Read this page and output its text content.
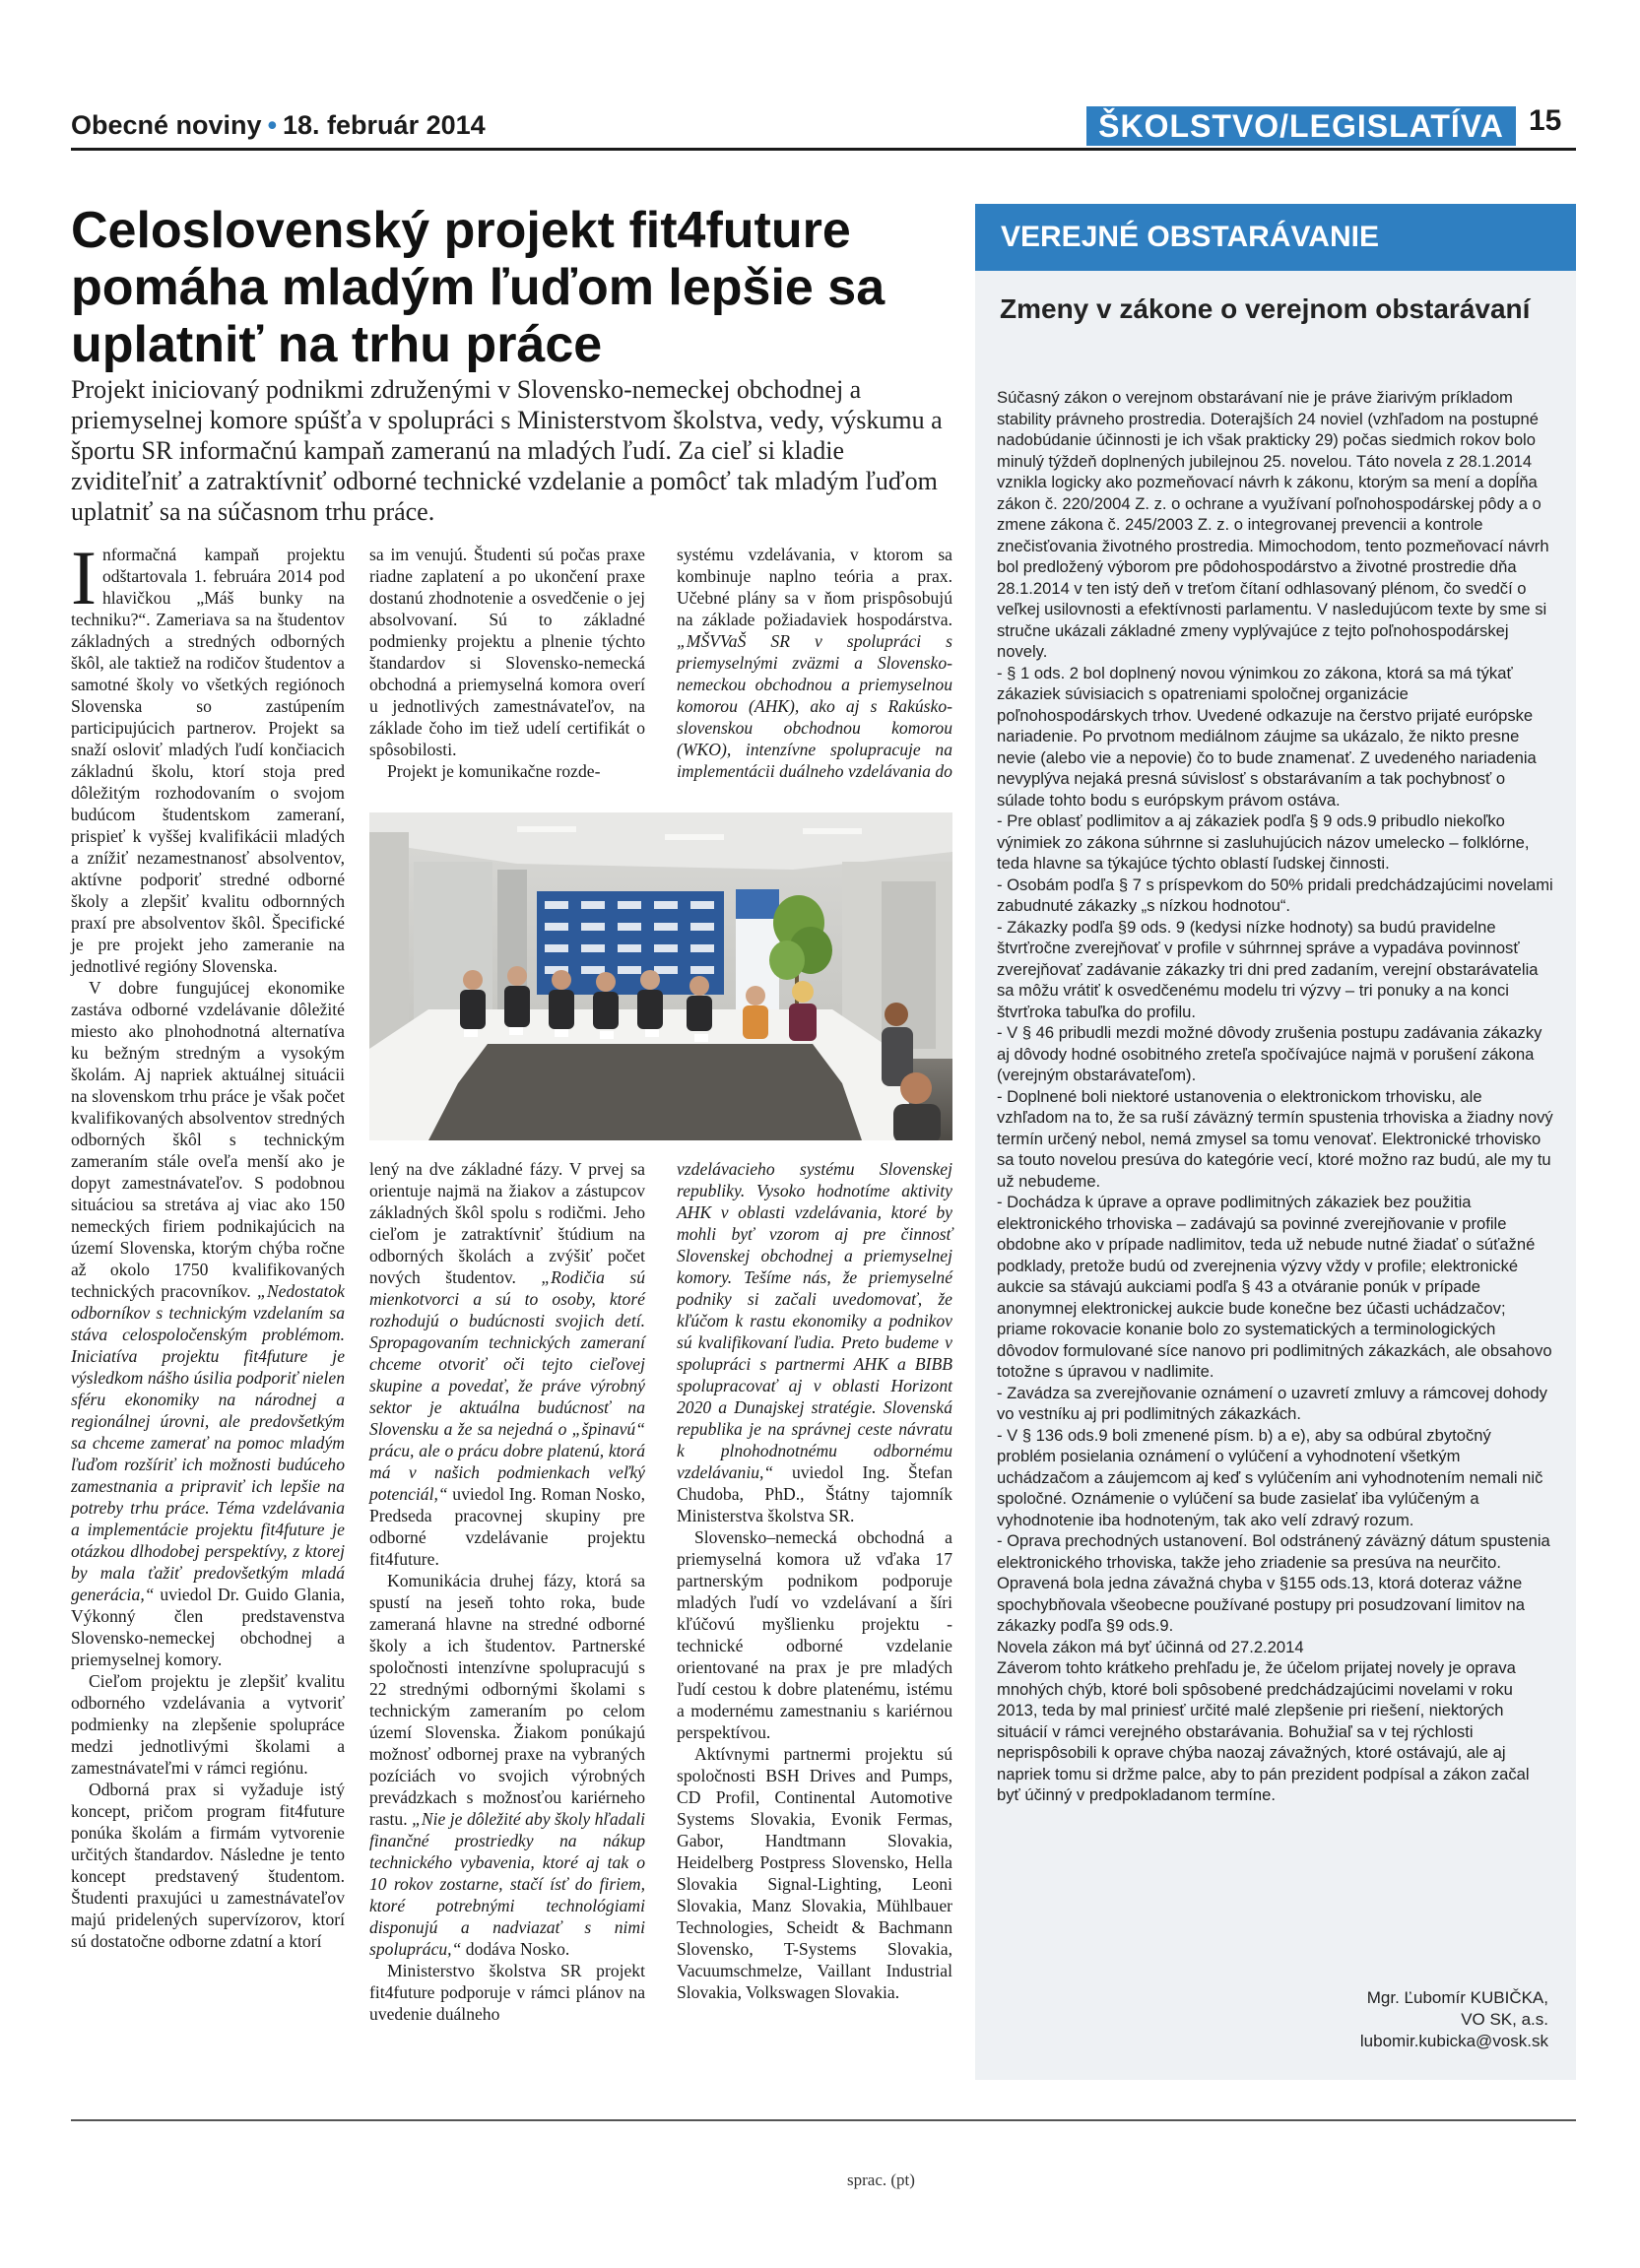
Obecné noviny • 18. február 2014	ŠKOLSTVO/LEGISLATÍVA 15
Celoslovenský projekt fit4future pomáha mladým ľuďom lepšie sa uplatniť na trhu práce
Projekt iniciovaný podnikmi združenými v Slovensko-nemeckej obchodnej a priemyselnej komore spúšťa v spolupráci s Ministerstvom školstva, vedy, výskumu a športu SR informačnú kampaň zameranú na mladých ľudí. Za cieľ si kladie zviditeľniť a zatraktívniť odborné technické vzdelanie a pomôcť tak mladým ľuďom uplatniť sa na súčasnom trhu práce.

Informačná kampaň projektu odštartovala 1. februára 2014 pod hlavičkou „Máš bunky na techniku?“. Zameriava sa na študentov základných a stredných odborných škôl, ale taktiež na rodičov študentov a samotné školy vo všetkých regiónoch Slovenska so zastúpením participujúcich partnerov. Projekt sa snaží osloviť mladých ľudí končiacich základnú školu, ktorí stoja pred dôležitým rozhodovaním o svojom budúcom študentskom zameraní, prispieť k vyššej kvalifikácii mladých a znížiť nezamestnanosť absolventov, aktívne podporiť stredné odborné školy a zlepšiť kvalitu odbornných praxí pre absolventov škôl. Špecifické je pre projekt jeho zameranie na jednotlivé regióny Slovenska.

V dobre fungujúcej ekonomike zastáva odborné vzdelávanie dôležité miesto ako plnohodnotná alternatíva ku bežným stredným a vysokým školám. Aj napriek aktuálnej situácii na slovenskom trhu práce je však počet kvalifikovaných absolventov stredných odborných škôl s technickým zameraním stále oveľa menší ako je dopyt zamestnávateľov. S podobnou situáciou sa stretáva aj viac ako 150 nemeckých firiem podnikajúcich na území Slovenska, ktorým chýba ročne až okolo 1750 kvalifikovaných technických pracovníkov. „Nedostatok odborníkov s technickým vzdelaním sa stáva celospoločenským problémom. Iniciatíva projektu fit4future je výsledkom nášho úsilia podporiť nielen sféru ekonomiky na národnej a regionálnej úrovni, ale predovšetkým sa chceme zamerať na pomoc mladým ľuďom rozšíriť ich možnosti budúceho zamestnania a pripraviť ich lepšie na potreby trhu práce. Téma vzdelávania a implementácie projektu fit4future je otázkou dlhodobej perspektívy, z ktorej by mala ťažiť predovšetkým mladá generácia,“ uviedol Dr. Guido Glania, Výkonný člen predstavenstva Slovensko-nemeckej obchodnej a priemyselnej komory.

Cieľom projektu je zlepšiť kvalitu odborného vzdelávania a vytvoriť podmienky na zlepšenie spolupráce medzi jednotlivými školami a zamestnávateľmi v rámci regiónu.

Odborná prax si vyžaduje istý koncept, pričom program fit4future ponúka školám a firmám vytvorenie určitých štandardov. Následne je tento koncept predstavený študentom. Študenti praxujúci u zamestnávateľov majú pridelených supervízorov, ktorí sú dostatočne odborne zdatní a ktorí

sa im venujú. Študenti sú počas praxe riadne zaplatení a po ukončení praxe dostanú zhodnotenie a osvedčenie o jej absolvovaní. Sú to základné podmienky projektu a plnenie týchto štandardov si Slovensko-nemecká obchodná a priemyselná komora overí u jednotlivých zamestnávateľov, na základe čoho im tiež udelí certifikát o spôsobilosti.

Projekt je komunikačne rozde-

systému vzdelávania, v ktorom sa kombinuje naplno teória a prax. Učebné plány sa v ňom prispôsobujú na základe požiadaviek hospodárstva. „MŠVVaŠ SR v spolupráci s priemyselnými zväzmi a Slovensko-nemeckou obchodnou a priemyselnou komorou (AHK), ako aj s Rakúsko-slovenskou obchodnou komorou (WKO), intenzívne spolupracuje na implementácii duálneho vzdelávania do

lený na dve základné fázy. V prvej sa orientuje najmä na žiakov a zástupcov základných škôl spolu s rodičmi. Jeho cieľom je zatraktívniť štúdium na odborných školách a zvýšiť počet nových študentov. „Rodičia sú mienkotvorci a sú to osoby, ktoré rozhodujú o budúcnosti svojich detí. Spropagovaním technických zameraní chceme otvoriť oči tejto cieľovej skupine a povedať, že práve výrobný sektor je aktuálna budúcnosť na Slovensku a že sa nejedná o „špinavú“ prácu, ale o prácu dobre platenú, ktorá má v našich podmienkach veľký potenciál,“ uviedol Ing. Roman Nosko, Predseda pracovnej skupiny pre odborné vzdelávanie projektu fit4future.

Komunikácia druhej fázy, ktorá sa spustí na jeseň tohto roka, bude zameraná hlavne na stredné odborné školy a ich študentov. Partnerské spoločnosti intenzívne spolupracujú s 22 strednými odbornými školami s technickým zameraním po celom území Slovenska. Žiakom ponúkajú možnosť odbornej praxe na vybraných pozíciách vo svojich výrobných prevádzkach s možnosťou kariérneho rastu. „Nie je dôležité aby školy hľadali finančné prostriedky na nákup technického vybavenia, ktoré aj tak o 10 rokov zostarne, stačí ísť do firiem, ktoré potrebnými technológiami disponujú a nadviazať s nimi spoluprácu,“ dodáva Nosko.

Ministerstvo školstva SR projekt fit4future podporuje v rámci plánov na uvedenie duálneho

vzdelávacieho systému Slovenskej republiky. Vysoko hodnotíme aktivity AHK v oblasti vzdelávania, ktoré by mohli byť vzorom aj pre činnosť Slovenskej obchodnej a priemyselnej komory. Tešíme nás, že priemyselné podniky si začali uvedomovať, že kľúčom k rastu ekonomiky a podnikov sú kvalifikovaní ľudia. Preto budeme v spolupráci s partnermi AHK a BIBB spolupracovať aj v oblasti Horizont 2020 a Dunajskej stratégie. Slovenská republika je na správnej ceste návratu k plnohodnotnému odbornému vzdelávaniu,“ uviedol Ing. Štefan Chudoba, PhD., Štátny tajomník Ministerstva školstva SR.

Slovensko–nemecká obchodná a priemyselná komora už vďaka 17 partnerským podnikom podporuje mladých ľudí vo vzdelávaní a šíri kľúčovú myšlienku projektu - technické odborné vzdelanie orientované na prax je pre mladých ľudí cestou k dobre platenému, istému a modernému zamestnaniu s kariérnou perspektívou.

Aktívnymi partnermi projektu sú spoločnosti BSH Drives and Pumps, CD Profil, Continental Automotive Systems Slovakia, Evonik Fermas, Gabor, Handtmann Slovakia, Heidelberg Postpress Slovensko, Hella Slovakia Signal-Lighting, Leoni Slovakia, Manz Slovakia, Mühlbauer Technologies, Scheidt & Bachmann Slovensko, T-Systems Slovakia, Vacuumschmelze, Vaillant Industrial Slovakia, Volkswagen Slovakia.

sprac. (pt)
VEREJNÉ OBSTARÁVANIE
Zmeny v zákone o verejnom obstarávaní

Súčasný zákon o verejnom obstarávaní nie je práve žiarivým príkladom stability právneho prostredia. Doterajších 24 noviel (vzhľadom na postupné nadobúdanie účinnosti je ich však prakticky 29) počas siedmich rokov bolo minulý týždeň doplnených jubilejnou 25. novelou. Táto novela z 28.1.2014 vznikla logicky ako pozmeňovací návrh k zákonu, ktorým sa mení a dopĺňa zákon č. 220/2004 Z. z. o ochrane a využívaní poľnohospodárskej pôdy a o zmene zákona č. 245/2003 Z. z. o integrovanej prevencii a kontrole znečisťovania životného prostredia. Mimochodom, tento pozmeňovací návrh bol predložený výborom pre pôdohospodárstvo a životné prostredie dňa 28.1.2014 v ten istý deň v treťom čítaní odhlasovaný plénom, čo svedčí o veľkej usilovnosti a efektívnosti parlamentu. V nasledujúcom texte by sme si stručne ukázali základné zmeny vyplývajúce z tejto poľnohospodárskej novely.

- § 1 ods. 2 bol doplnený novou výnimkou zo zákona, ktorá sa má týkať zákaziek súvisiacich s opatreniami spoločnej organizácie poľnohospodárskych trhov. Uvedené odkazuje na čerstvo prijaté európske nariadenie. Po prvotnom mediálnom záujme sa ukázalo, že nikto presne nevie (alebo vie a nepovie) čo to bude znamenať. Z uvedeného nariadenia nevyplýva nejaká presná súvislosť s obstarávaním a tak pochybnosť o súlade tohto bodu s európskym právom ostáva.

- Pre oblasť podlimitov a aj zákaziek podľa § 9 ods.9 pribudlo niekoľko výnimiek zo zákona súhrnne si zasluhujúcich názov umelecko – folklórne, teda hlavne sa týkajúce týchto oblastí ľudskej činnosti.

- Osobám podľa § 7 s príspevkom do 50% pridali predchádzajúcimi novelami zabudnuté zákazky „s nízkou hodnotou“.

- Zákazky podľa §9 ods. 9 (kedysi nízke hodnoty) sa budú pravidelne štvrťročne zverejňovať v profile v súhrnnej správe a vypadáva povinnosť zverejňovať zadávanie zákazky tri dni pred zadaním, verejní obstarávatelia sa môžu vrátiť k osvedčenému modelu tri výzvy – tri ponuky a na konci štvrťroka tabuľka do profilu.

- V § 46 pribudli mezdi možné dôvody zrušenia postupu zadávania zákazky aj dôvody hodné osobitného zreteľa spočívajúce najmä v porušení zákona (verejným obstarávateľom).

- Doplnené boli niektoré ustanovenia o elektronickom trhovisku, ale vzhľadom na to, že sa ruší záväzný termín spustenia trhoviska a žiadny nový termín určený nebol, nemá zmysel sa tomu venovať. Elektronické trhovisko sa touto novelou presúva do kategórie vecí, ktoré možno raz budú, ale my tu už nebudeme.

- Dochádza k úprave a oprave podlimitných zákaziek bez použitia elektronického trhoviska – zadávajú sa povinné zverejňovanie v profile obdobne ako v prípade nadlimitov, teda už nebude nutné žiadať o súťažné podklady, pretože budú od zverejnenia výzvy vždy v profile; elektronické aukcie sa stávajú aukciami podľa § 43 a otváranie ponúk v prípade anonymnej elektronickej aukcie bude konečne bez účasti uchádzačov; priame rokovacie konanie bolo zo systematických a terminologických dôvodov formulované síce nanovo pri podlimitných zákazkách, ale obsahovo totožne s úpravou v nadlimite.

- Zavádza sa zverejňovanie oznámení o uzavretí zmluvy a rámcovej dohody vo vestníku aj pri podlimitných zákazkách.

- V § 136 ods.9 boli zmenené písm. b) a e), aby sa odbúral zbytočný problém posielania oznámení o vylúčení a vyhodnotení všetkým uchádzačom a záujemcom aj keď s vylúčením ani vyhodnotením nemali nič spoločné. Oznámenie o vylúčení sa bude zasielať iba vylúčeným a vyhodnotenie iba hodnoteným, tak ako velí zdravý rozum.

- Oprava prechodných ustanovení. Bol odstránený záväzný dátum spustenia elektronického trhoviska, takže jeho zriadenie sa presúva na neurčito. Opravená bola jedna závažná chyba v §155 ods.13, ktorá doteraz vážne spochybňovala všeobecne používané postupy pri posudzovaní limitov na zákazky podľa §9 ods.9.

Novela zákon má byť účinná od 27.2.2014

Záverom tohto krátkeho prehľadu je, že účelom prijatej novely je oprava mnohých chýb, ktoré boli spôsobené predchádzajúcimi novelami v roku 2013, teda by mal priniesť určité malé zlepšenie pri riešení, niektorých situácií v rámci verejného obstarávania. Bohužiaľ sa v tej rýchlosti neprispôsobili k oprave chýba naozaj závažných, ktoré ostávajú, ale aj napriek tomu si držme palce, aby to pán prezident podpísal a zákon začal byť účinný v predpokladanom termíne.

Mgr. Ľubomír KUBIČKA,
VO SK, a.s.
lubomir.kubicka@vosk.sk
